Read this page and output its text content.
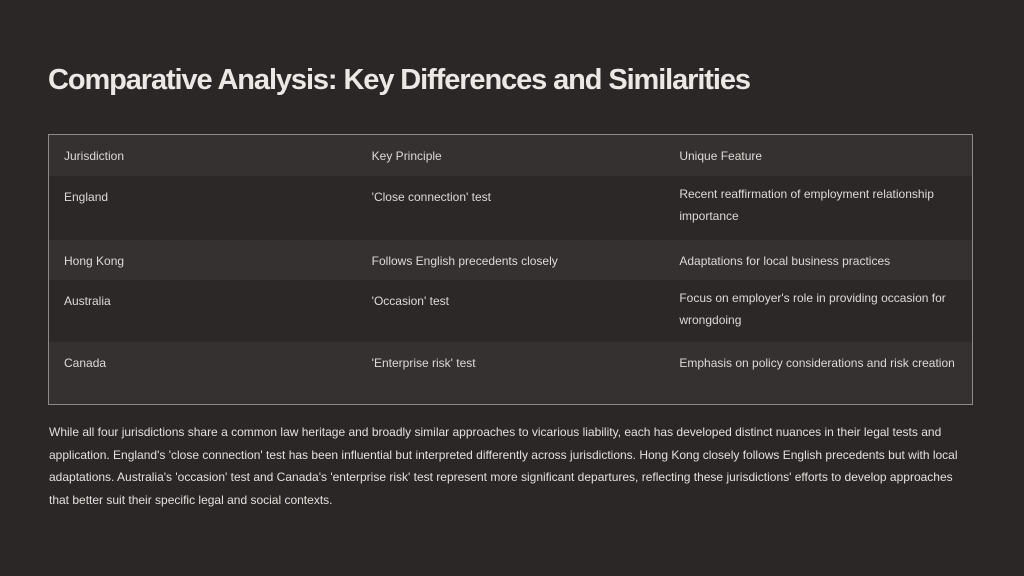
Comparative Analysis: Key Differences and Similarities
Jurisdiction	Key Principle	Unique Feature
England	'Close connection' test	Recent reaffirmation of employment relationship importance
Hong Kong	Follows English precedents closely	Adaptations for local business practices
Australia	'Occasion' test	Focus on employer's role in providing occasion for wrongdoing
Canada	'Enterprise risk' test	Emphasis on policy considerations and risk creation

While all four jurisdictions share a common law heritage and broadly similar approaches to vicarious liability, each has developed distinct nuances in their legal tests and application. England's 'close connection' test has been influential but interpreted differently across jurisdictions. Hong Kong closely follows English precedents but with local adaptations. Australia's 'occasion' test and Canada's 'enterprise risk' test represent more significant departures, reflecting these jurisdictions' efforts to develop approaches that better suit their specific legal and social contexts.
